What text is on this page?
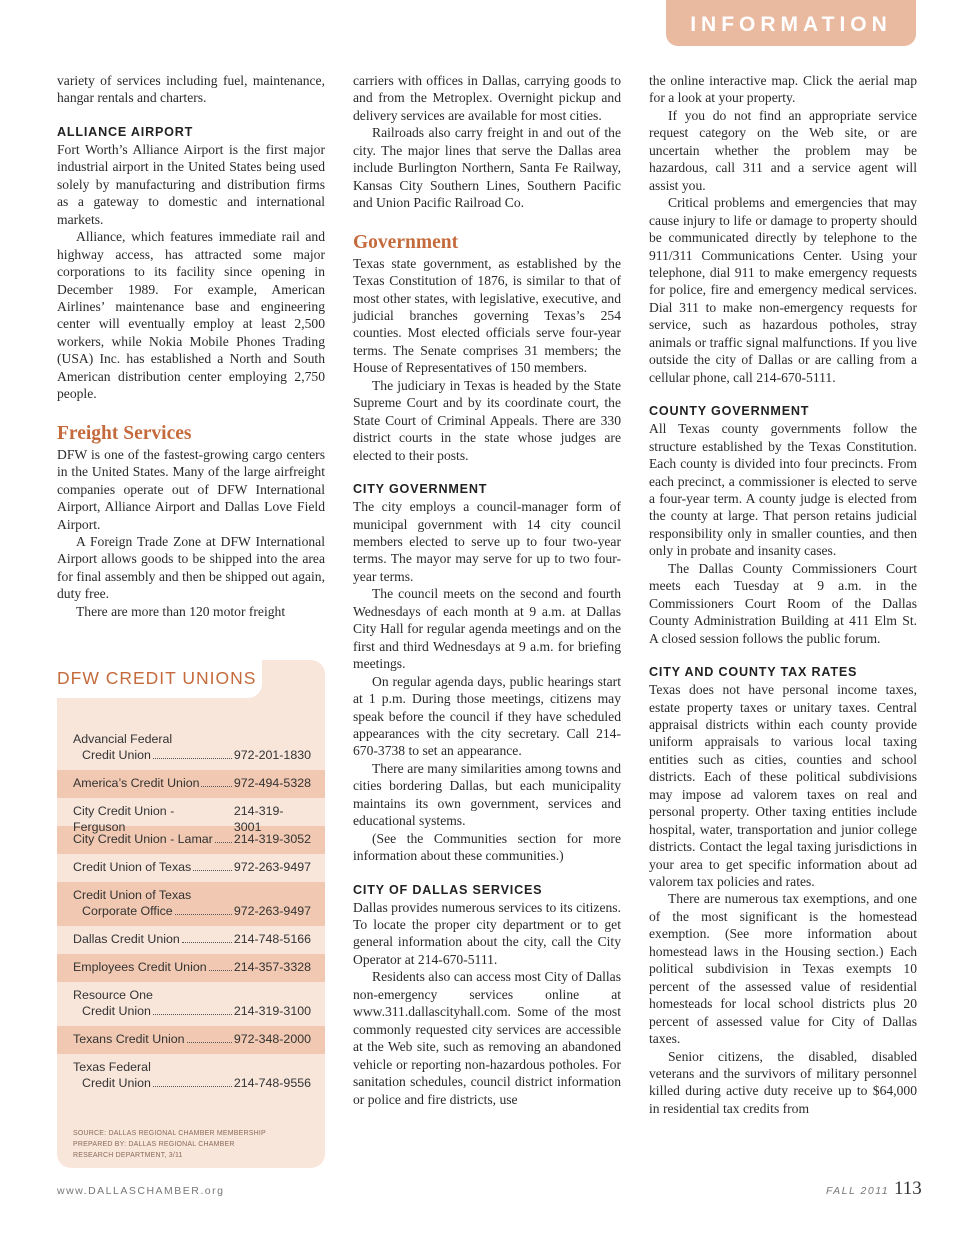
INFORMATION

variety of services including fuel, maintenance, hangar rentals and charters.

ALLIANCE AIRPORT

Fort Worth’s Alliance Airport is the first major industrial airport in the United States being used solely by manufacturing and distribution firms as a gateway to domestic and international markets.

Alliance, which features immediate rail and highway access, has attracted some major corporations to its facility since opening in December 1989. For example, American Airlines’ maintenance base and engineering center will eventually employ at least 2,500 workers, while Nokia Mobile Phones Trading (USA) Inc. has established a North and South American distribution center employing 2,750 people.

Freight Services

DFW is one of the fastest-growing cargo centers in the United States. Many of the large airfreight companies operate out of DFW International Airport, Alliance Airport and Dallas Love Field Airport.

A Foreign Trade Zone at DFW International Airport allows goods to be shipped into the area for final assembly and then be shipped out again, duty free.

There are more than 120 motor freight

DFW CREDIT UNIONS
Advancial Federal
Credit Union	972-201-1830
America’s Credit Union	972-494-5328
City Credit Union - Ferguson
214-319-3001
City Credit Union - Lamar 214-319-3052
Credit Union of Texas	972-263-9497
Credit Union of Texas
Corporate Office	972-263-9497
Dallas Credit Union	214-748-5166
Employees Credit Union 214-357-3328
Resource One
Credit Union	214-319-3100
Texans Credit Union	972-348-2000
Texas Federal
Credit Union	214-748-9556
SOURCE: DALLAS REGIONAL CHAMBER MEMBERSHIP
PREPARED BY: DALLAS REGIONAL CHAMBER
RESEARCH DEPARTMENT, 3/11

carriers with offices in Dallas, carrying goods to and from the Metroplex. Overnight pickup and delivery services are available for most cities.

Railroads also carry freight in and out of the city. The major lines that serve the Dallas area include Burlington Northern, Santa Fe Railway, Kansas City Southern Lines, Southern Pacific and Union Pacific Railroad Co.

Government

Texas state government, as established by the Texas Constitution of 1876, is similar to that of most other states, with legislative, executive, and judicial branches governing Texas’s 254 counties. Most elected officials serve four-year terms. The Senate comprises 31 members; the House of Representatives of 150 members.

The judiciary in Texas is headed by the State Supreme Court and by its coordinate court, the State Court of Criminal Appeals. There are 330 district courts in the state whose judges are elected to their posts.

CITY GOVERNMENT

The city employs a council-manager form of municipal government with 14 city council members elected to serve up to four two-year terms. The mayor may serve for up to two four-year terms.

The council meets on the second and fourth Wednesdays of each month at 9 a.m. at Dallas City Hall for regular agenda meetings and on the first and third Wednesdays at 9 a.m. for briefing meetings.

On regular agenda days, public hearings start at 1 p.m. During those meetings, citizens may speak before the council if they have scheduled appearances with the city secretary. Call 214-670-3738 to set an appearance.

There are many similarities among towns and cities bordering Dallas, but each municipality maintains its own government, services and educational systems.

(See the Communities section for more information about these communities.)

CITY OF DALLAS SERVICES

Dallas provides numerous services to its citizens. To locate the proper city department or to get general information about the city, call the City Operator at 214-670-5111.

Residents also can access most City of Dallas non-emergency services online at www.311.dallascityhall.com. Some of the most commonly requested city services are accessible at the Web site, such as removing an abandoned vehicle or reporting non-hazardous potholes. For sanitation schedules, council district information or police and fire districts, use

the online interactive map. Click the aerial map for a look at your property.

If you do not find an appropriate service request category on the Web site, or are uncertain whether the problem may be hazardous, call 311 and a service agent will assist you.

Critical problems and emergencies that may cause injury to life or damage to property should be communicated directly by telephone to the 911/311 Communications Center. Using your telephone, dial 911 to make emergency requests for police, fire and emergency medical services. Dial 311 to make non-emergency requests for service, such as hazardous potholes, stray animals or traffic signal malfunctions. If you live outside the city of Dallas or are calling from a cellular phone, call 214-670-5111.

COUNTY GOVERNMENT

All Texas county governments follow the structure established by the Texas Constitution. Each county is divided into four precincts. From each precinct, a commissioner is elected to serve a four-year term. A county judge is elected from the county at large. That person retains judicial responsibility only in smaller counties, and then only in probate and insanity cases.

The Dallas County Commissioners Court meets each Tuesday at 9 a.m. in the Commissioners Court Room of the Dallas County Administration Building at 411 Elm St. A closed session follows the public forum.

CITY AND COUNTY TAX RATES

Texas does not have personal income taxes, estate property taxes or unitary taxes. Central appraisal districts within each county provide uniform appraisals to various local taxing entities such as cities, counties and school districts. Each of these political subdivisions may impose ad valorem taxes on real and personal property. Other taxing entities include hospital, water, transportation and junior college districts. Contact the legal taxing jurisdictions in your area to get specific information about ad valorem tax policies and rates.

There are numerous tax exemptions, and one of the most significant is the homestead exemption. (See more information about homestead laws in the Housing section.) Each political subdivision in Texas exempts 10 percent of the assessed value of residential homesteads for local school districts plus 20 percent of assessed value for City of Dallas taxes.

Senior citizens, the disabled, disabled veterans and the survivors of military personnel killed during active duty receive up to $64,000 in residential tax credits from

www.DALLASCHAMBER.org	FALL 2011 113
